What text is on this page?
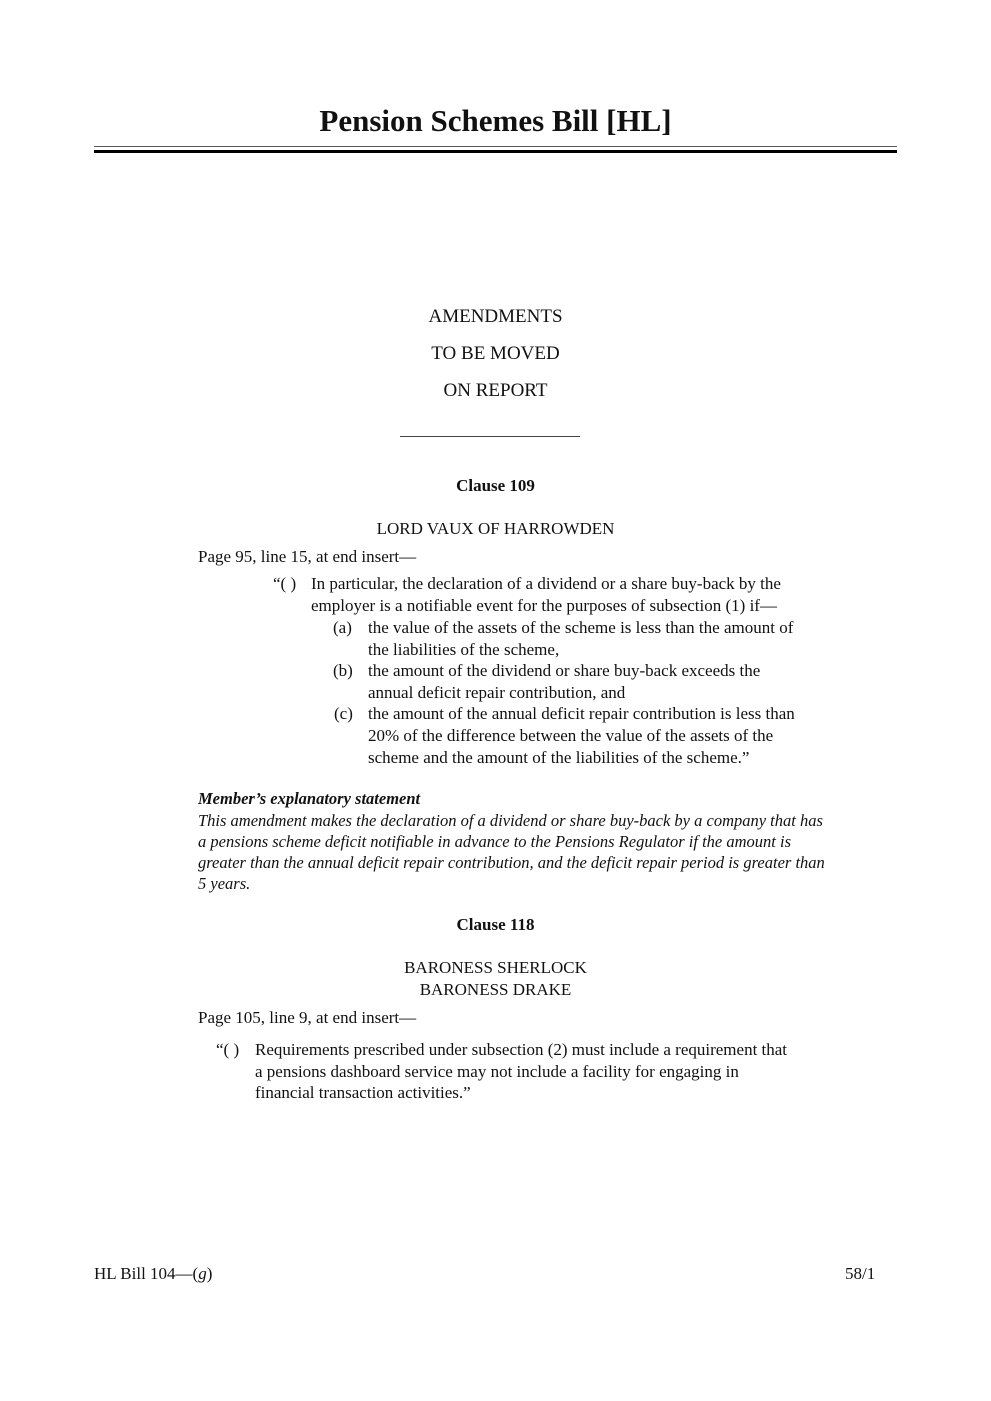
Pension Schemes Bill [HL]
AMENDMENTS
TO BE MOVED
ON REPORT
Clause 109
LORD VAUX OF HARROWDEN
Page 95, line 15, at end insert—
“( ) In particular, the declaration of a dividend or a share buy-back by the
employer is a notifiable event for the purposes of subsection (1) if—
(a) the value of the assets of the scheme is less than the amount of
the liabilities of the scheme,
(b) the amount of the dividend or share buy-back exceeds the
annual deficit repair contribution, and
(c) the amount of the annual deficit repair contribution is less than
20% of the difference between the value of the assets of the
scheme and the amount of the liabilities of the scheme.”
Member’s explanatory statement
This amendment makes the declaration of a dividend or share buy-back by a company that has
a pensions scheme deficit notifiable in advance to the Pensions Regulator if the amount is
greater than the annual deficit repair contribution, and the deficit repair period is greater than
5 years.
Clause 118
BARONESS SHERLOCK
BARONESS DRAKE
Page 105, line 9, at end insert—
“( ) Requirements prescribed under subsection (2) must include a requirement that
a pensions dashboard service may not include a facility for engaging in
financial transaction activities.”
HL Bill 104—(g)	58/1
